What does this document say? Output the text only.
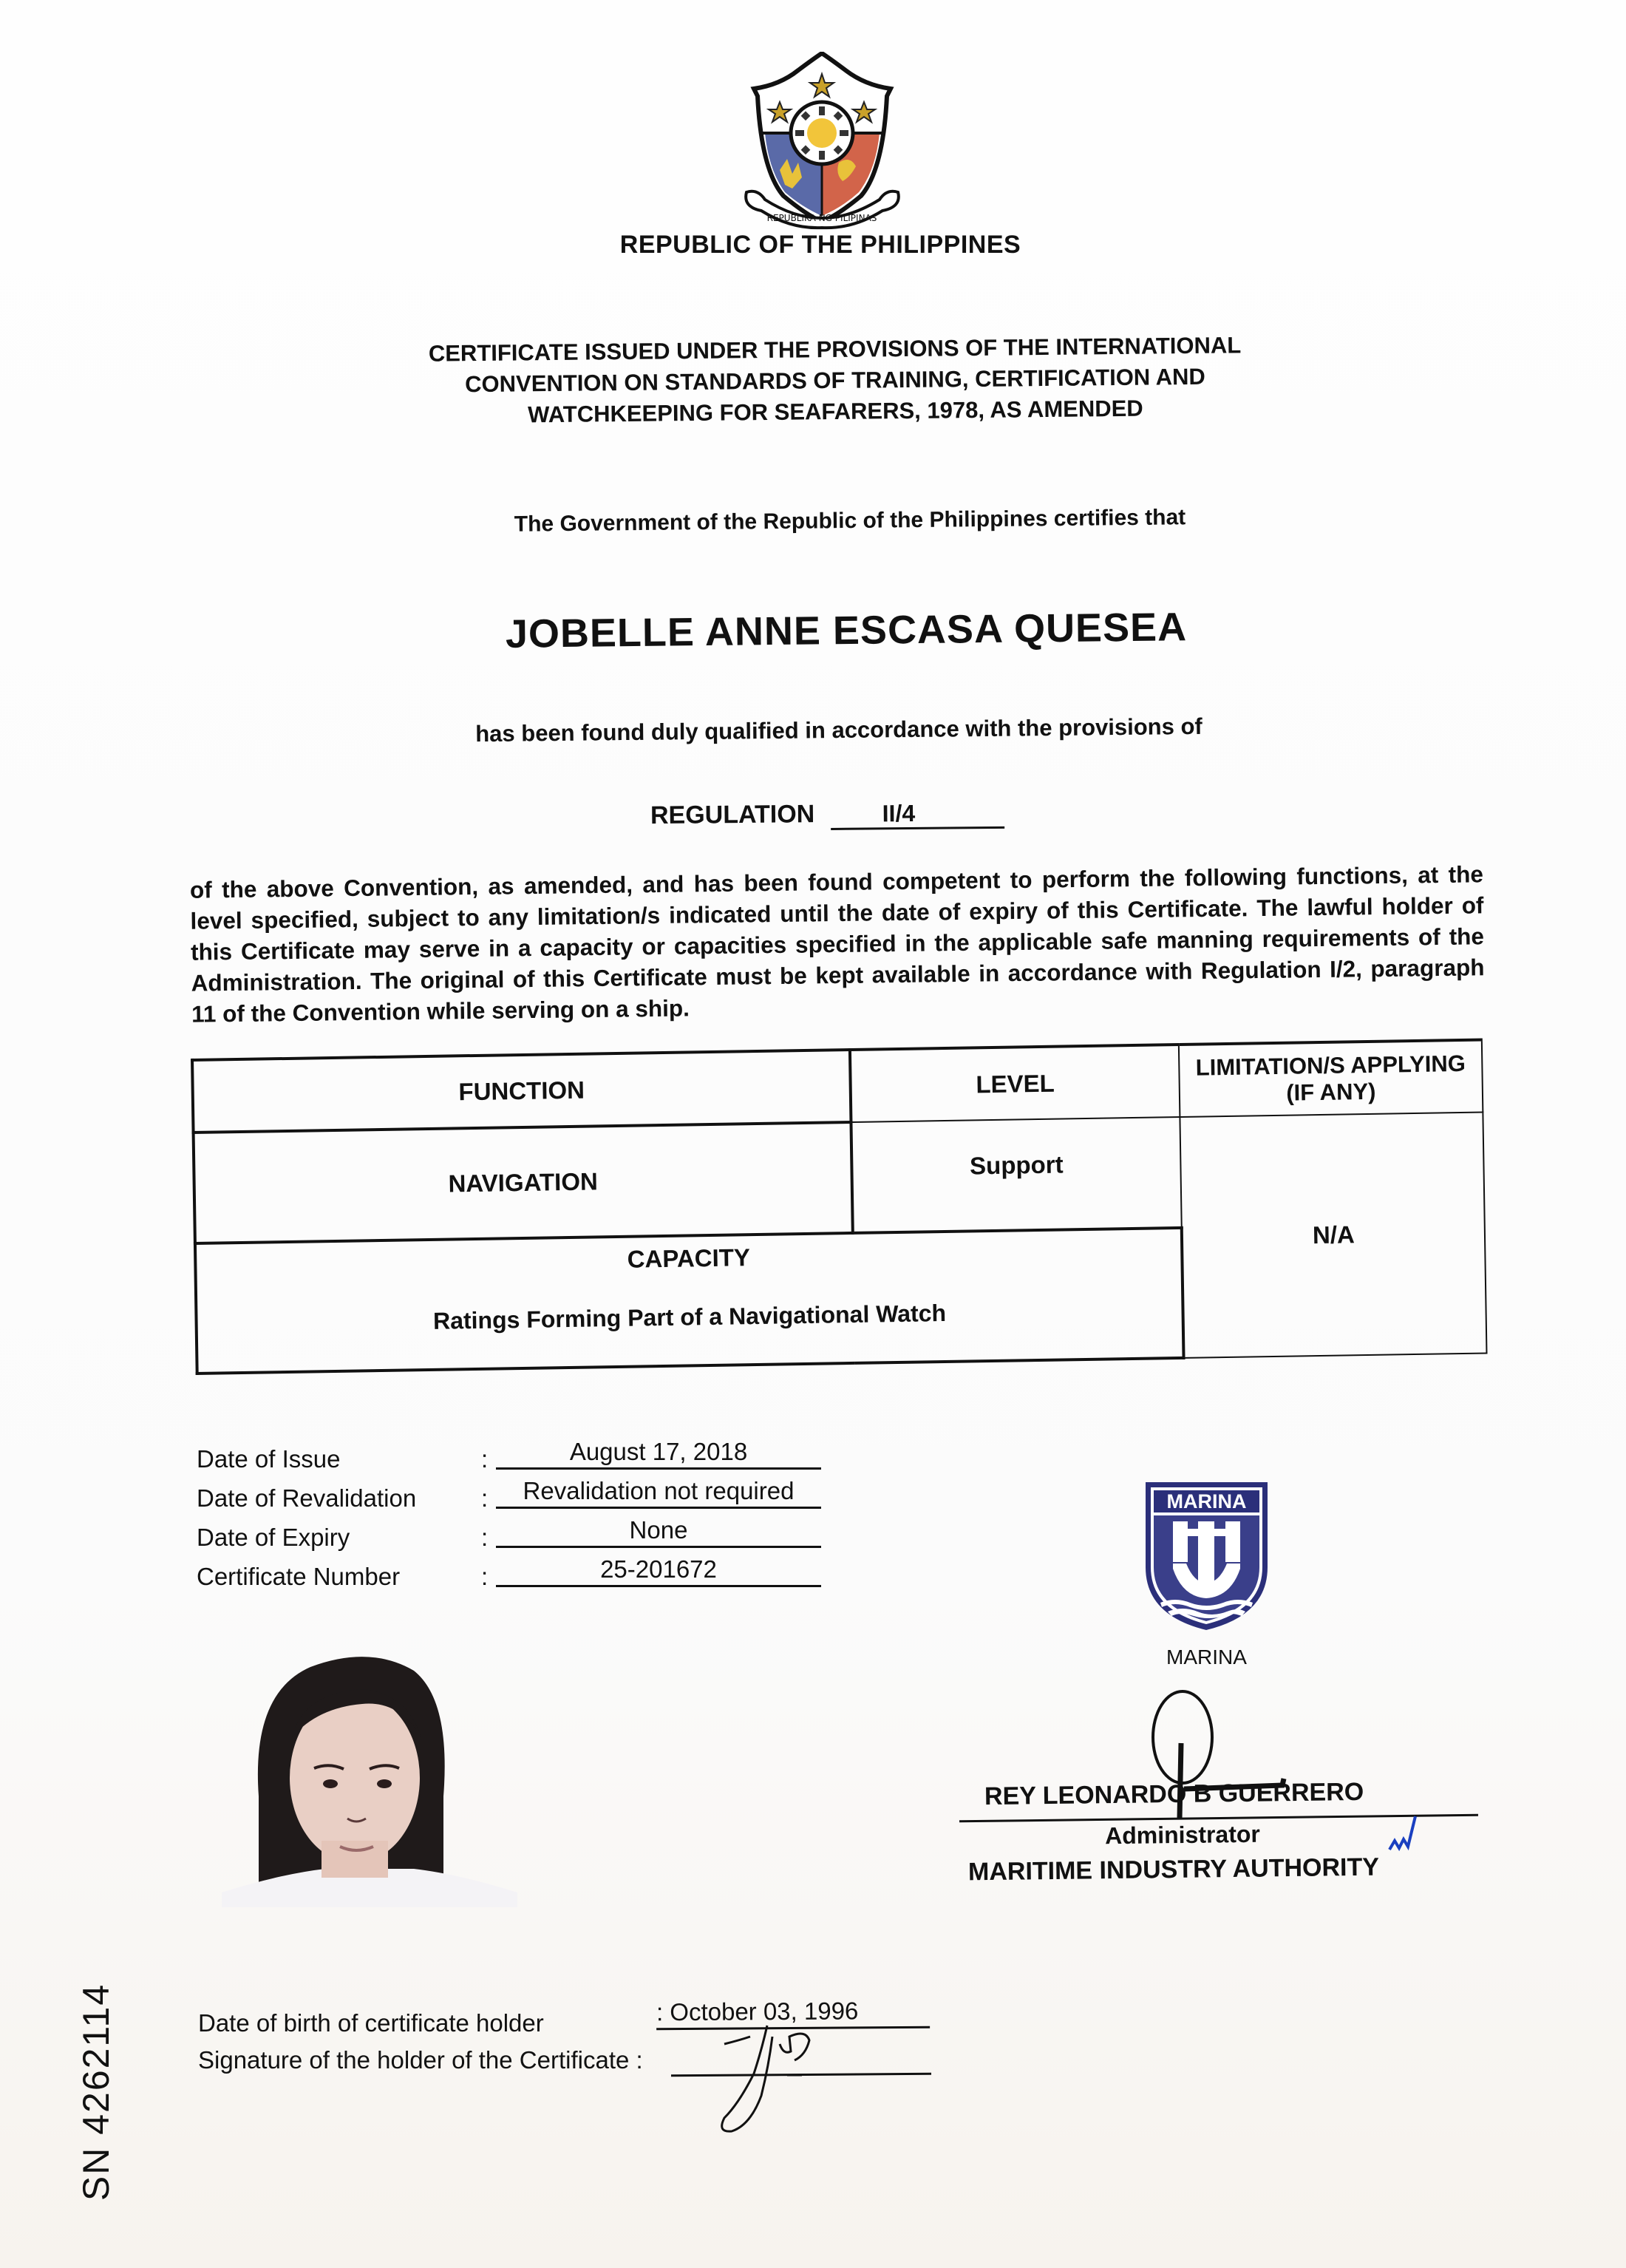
REPUBLIKA NG PILIPINAS
REPUBLIC OF THE PHILIPPINES
CERTIFICATE ISSUED UNDER THE PROVISIONS OF THE INTERNATIONAL
CONVENTION ON STANDARDS OF TRAINING, CERTIFICATION AND
WATCHKEEPING FOR SEAFARERS, 1978, AS AMENDED
The Government of the Republic of the Philippines certifies that
JOBELLE ANNE ESCASA QUESEA
has been found duly qualified in accordance with the provisions of
REGULATION	II/4
of the above Convention, as amended, and has been found competent to perform the following functions, at the level specified, subject to any limitation/s indicated until the date of expiry of this Certificate. The lawful holder of this Certificate may serve in a capacity or capacities specified in the applicable safe manning requirements of the Administration. The original of this Certificate must be kept available in accordance with Regulation I/2, paragraph 11 of the Convention while serving on a ship.
FUNCTION	LEVEL	LIMITATION/S APPLYING (IF ANY)
NAVIGATION	Support	N/A

CAPACITY
Ratings Forming Part of a Navigational Watch		
Date of Issue	:	August 17, 2018
Date of Revalidation	:	Revalidation not required
Date of Expiry	:	None
Certificate Number	:	25-201672
MARINA
MARINA
REY LEONARDO B GUERRERO
Administrator
MARITIME INDUSTRY AUTHORITY
Date of birth of certificate holder	: October 03, 1996
Signature of the holder of the Certificate :
SN 4262114
